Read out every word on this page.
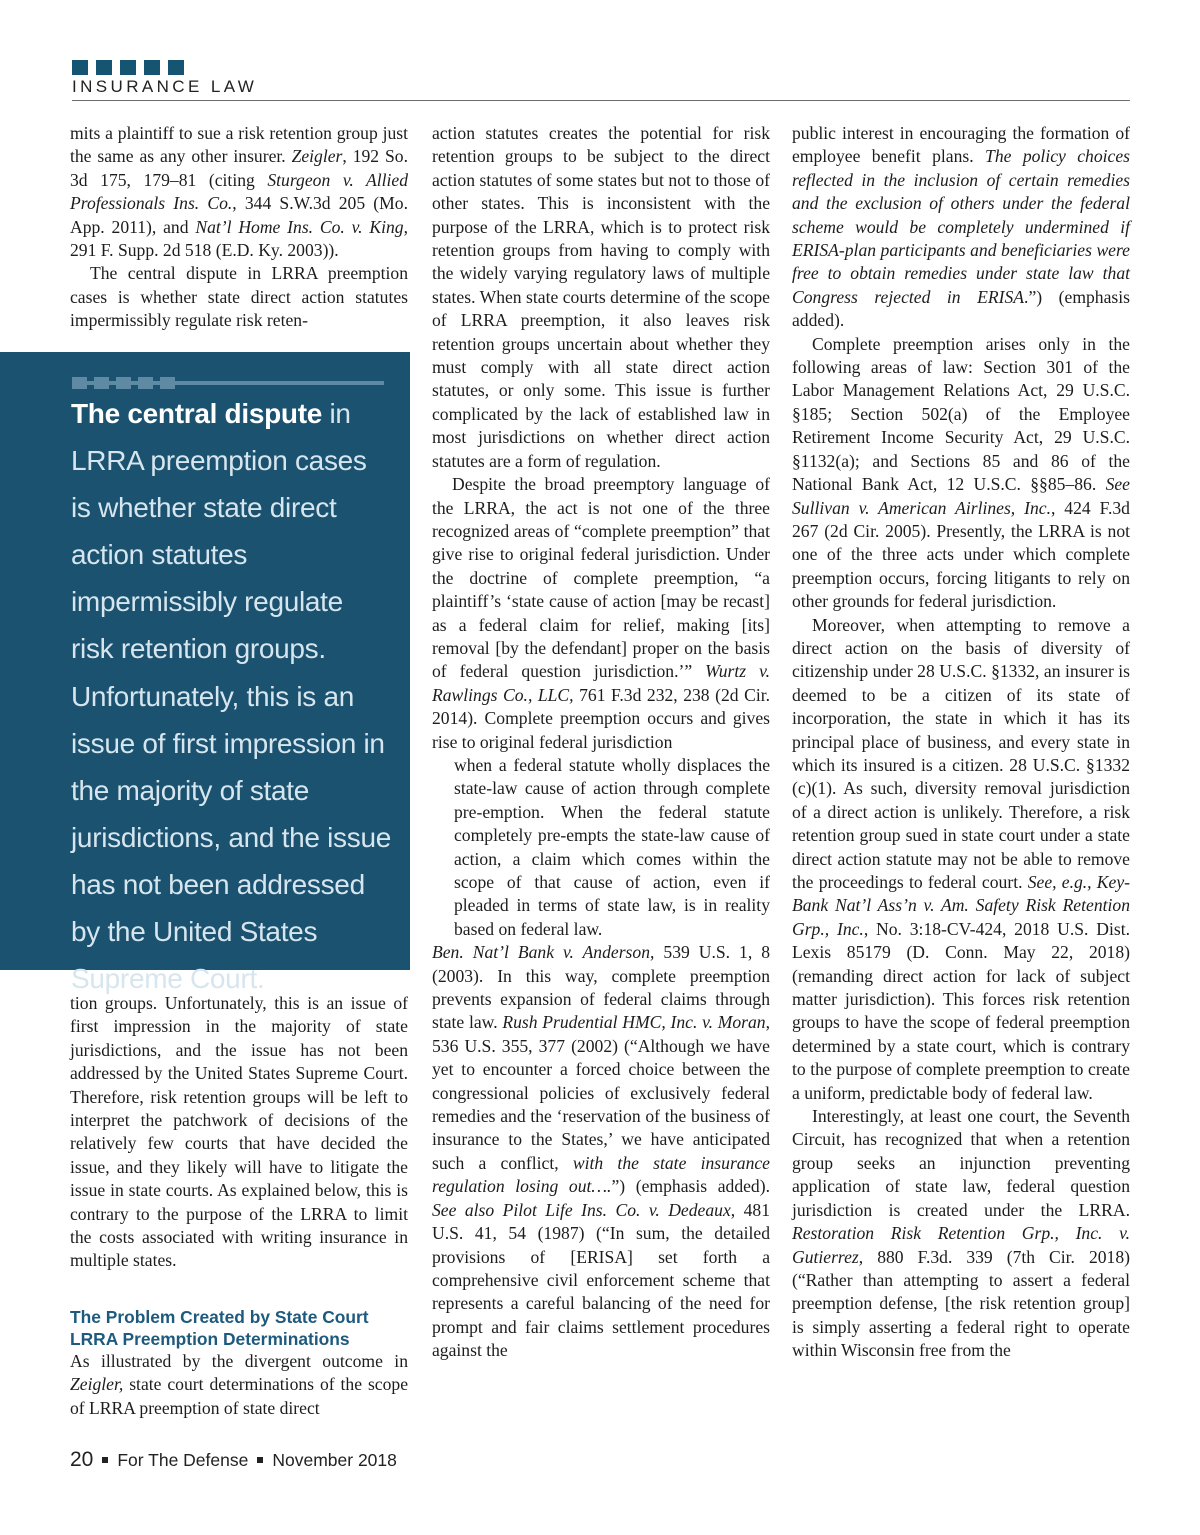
INSURANCE LAW

mits a plaintiff to sue a risk retention group just the same as any other insurer. Zeigler, 192 So. 3d 175, 179–81 (citing Sturgeon v. Allied Professionals Ins. Co., 344 S.W.3d 205 (Mo. App. 2011), and Nat’l Home Ins. Co. v. King, 291 F. Supp. 2d 518 (E.D. Ky. 2003)).

The central dispute in LRRA preemption cases is whether state direct action statutes impermissibly regulate risk reten-

The central dispute in LRRA preemption cases is whether state direct action statutes impermissibly regulate risk retention groups. Unfortunately, this is an issue of first impression in the majority of state jurisdictions, and the issue has not been addressed by the United States Supreme Court.

tion groups. Unfortunately, this is an issue of first impression in the majority of state jurisdictions, and the issue has not been addressed by the United States Supreme Court. Therefore, risk retention groups will be left to interpret the patchwork of decisions of the relatively few courts that have decided the issue, and they likely will have to litigate the issue in state courts. As explained below, this is contrary to the purpose of the LRRA to limit the costs associated with writing insurance in multiple states.

The Problem Created by State Court LRRA Preemption Determinations

As illustrated by the divergent outcome in Zeigler, state court determinations of the scope of LRRA preemption of state direct

action statutes creates the potential for risk retention groups to be subject to the direct action statutes of some states but not to those of other states. This is inconsistent with the purpose of the LRRA, which is to protect risk retention groups from having to comply with the widely varying regulatory laws of multiple states. When state courts determine of the scope of LRRA preemption, it also leaves risk retention groups uncertain about whether they must comply with all state direct action statutes, or only some. This issue is further complicated by the lack of established law in most jurisdictions on whether direct action statutes are a form of regulation.

Despite the broad preemptory language of the LRRA, the act is not one of the three recognized areas of “complete preemption” that give rise to original federal jurisdiction. Under the doctrine of complete preemption, “a plaintiff’s ‘state cause of action [may be recast] as a federal claim for relief, making [its] removal [by the defendant] proper on the basis of federal question jurisdiction.’” Wurtz v. Rawlings Co., LLC, 761 F.3d 232, 238 (2d Cir. 2014). Complete preemption occurs and gives rise to original federal jurisdiction

when a federal statute wholly displaces the state-law cause of action through complete pre-emption. When the federal statute completely pre-empts the state-law cause of action, a claim which comes within the scope of that cause of action, even if pleaded in terms of state law, is in reality based on federal law.

Ben. Nat’l Bank v. Anderson, 539 U.S. 1, 8 (2003). In this way, complete preemption prevents expansion of federal claims through state law. Rush Prudential HMC, Inc. v. Moran, 536 U.S. 355, 377 (2002) (“Although we have yet to encounter a forced choice between the congressional policies of exclusively federal remedies and the ‘reservation of the business of insurance to the States,’ we have anticipated such a conflict, with the state insurance regulation losing out….”) (emphasis added). See also Pilot Life Ins. Co. v. Dedeaux, 481 U.S. 41, 54 (1987) (“In sum, the detailed provisions of [ERISA] set forth a comprehensive civil enforcement scheme that represents a careful balancing of the need for prompt and fair claims settlement procedures against the

public interest in encouraging the formation of employee benefit plans. The policy choices reflected in the inclusion of certain remedies and the exclusion of others under the federal scheme would be completely undermined if ERISA-plan participants and beneficiaries were free to obtain remedies under state law that Congress rejected in ERISA.”) (emphasis added).

Complete preemption arises only in the following areas of law: Section 301 of the Labor Management Relations Act, 29 U.S.C. §185; Section 502(a) of the Employee Retirement Income Security Act, 29 U.S.C. §1132(a); and Sections 85 and 86 of the National Bank Act, 12 U.S.C. §§85–86. See Sullivan v. American Airlines, Inc., 424 F.3d 267 (2d Cir. 2005). Presently, the LRRA is not one of the three acts under which complete preemption occurs, forcing litigants to rely on other grounds for federal jurisdiction.

Moreover, when attempting to remove a direct action on the basis of diversity of citizenship under 28 U.S.C. §1332, an insurer is deemed to be a citizen of its state of incorporation, the state in which it has its principal place of business, and every state in which its insured is a citizen. 28 U.S.C. §1332 (c)(1). As such, diversity removal jurisdiction of a direct action is unlikely. Therefore, a risk retention group sued in state court under a state direct action statute may not be able to remove the proceedings to federal court. See, e.g., Key-Bank Nat’l Ass’n v. Am. Safety Risk Retention Grp., Inc., No. 3:18-CV-424, 2018 U.S. Dist. Lexis 85179 (D. Conn. May 22, 2018) (remanding direct action for lack of subject matter jurisdiction). This forces risk retention groups to have the scope of federal preemption determined by a state court, which is contrary to the purpose of complete preemption to create a uniform, predictable body of federal law.

Interestingly, at least one court, the Seventh Circuit, has recognized that when a retention group seeks an injunction preventing application of state law, federal question jurisdiction is created under the LRRA. Restoration Risk Retention Grp., Inc. v. Gutierrez, 880 F.3d. 339 (7th Cir. 2018) (“Rather than attempting to assert a federal preemption defense, [the risk retention group] is simply asserting a federal right to operate within Wisconsin free from the

20 For The Defense November 2018
